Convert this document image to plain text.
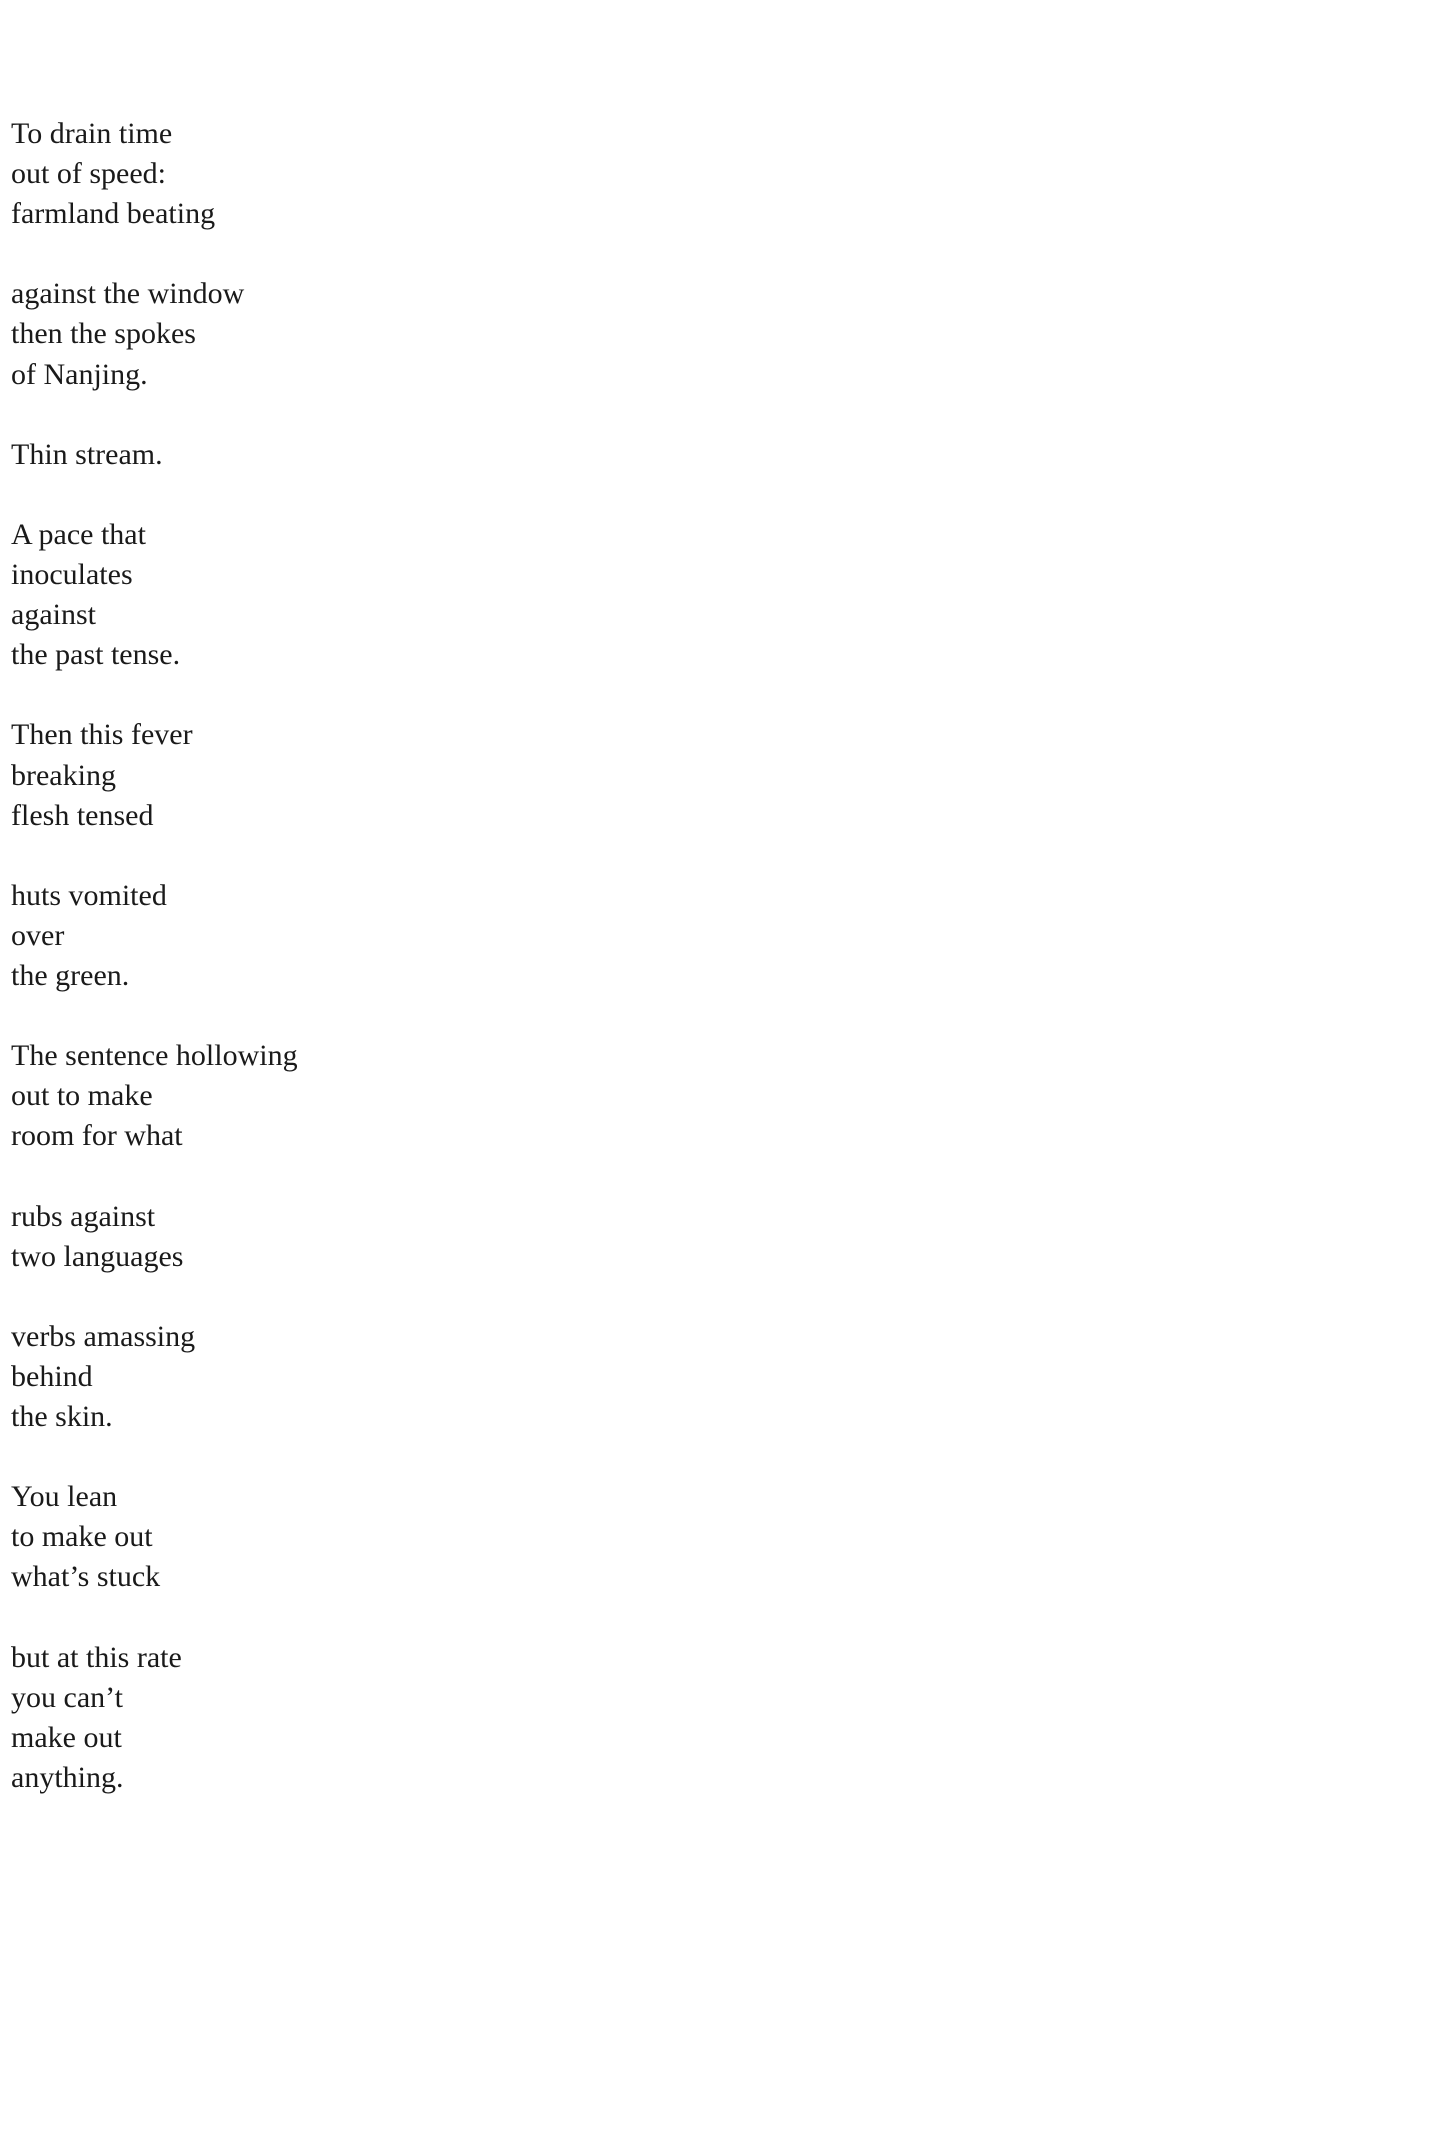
To drain time
out of speed:
farmland beating
against the window
then the spokes
of Nanjing.
Thin stream.
A pace that
inoculates
against
the past tense.
Then this fever
breaking
flesh tensed
huts vomited
over
the green.
The sentence hollowing
out to make
room for what
rubs against
two languages
verbs amassing
behind
the skin.
You lean
to make out
what’s stuck
but at this rate
you can’t
make out
anything.
